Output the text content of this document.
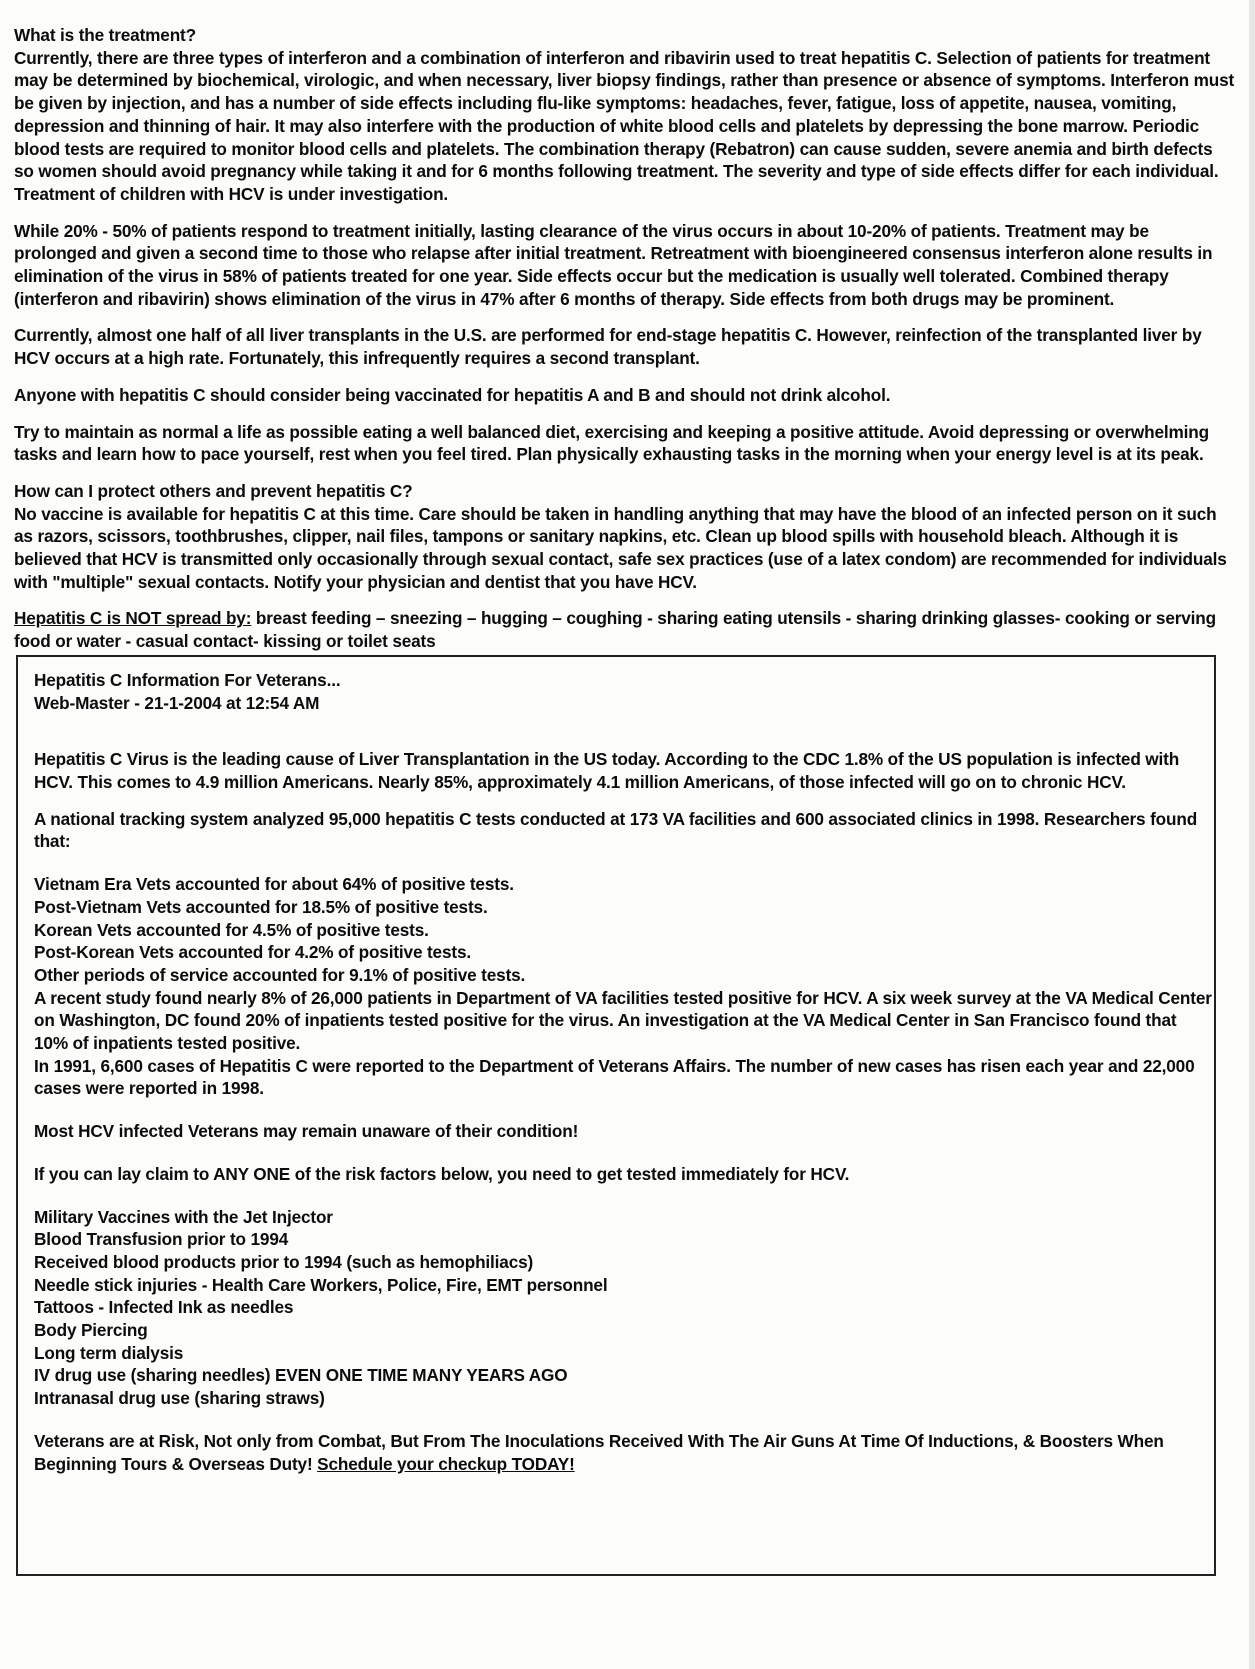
What is the treatment?

Currently, there are three types of interferon and a combination of interferon and ribavirin used to treat hepatitis C. Selection of patients for treatment may be determined by biochemical, virologic, and when necessary, liver biopsy findings, rather than presence or absence of symptoms. Interferon must be given by injection, and has a number of side effects including flu-like symptoms: headaches, fever, fatigue, loss of appetite, nausea, vomiting, depression and thinning of hair. It may also interfere with the production of white blood cells and platelets by depressing the bone marrow. Periodic blood tests are required to monitor blood cells and platelets. The combination therapy (Rebatron) can cause sudden, severe anemia and birth defects so women should avoid pregnancy while taking it and for 6 months following treatment. The severity and type of side effects differ for each individual. Treatment of children with HCV is under investigation.

While 20% - 50% of patients respond to treatment initially, lasting clearance of the virus occurs in about 10-20% of patients. Treatment may be prolonged and given a second time to those who relapse after initial treatment. Retreatment with bioengineered consensus interferon alone results in elimination of the virus in 58% of patients treated for one year. Side effects occur but the medication is usually well tolerated. Combined therapy (interferon and ribavirin) shows elimination of the virus in 47% after 6 months of therapy. Side effects from both drugs may be prominent.

Currently, almost one half of all liver transplants in the U.S. are performed for end-stage hepatitis C. However, reinfection of the transplanted liver by HCV occurs at a high rate. Fortunately, this infrequently requires a second transplant.

Anyone with hepatitis C should consider being vaccinated for hepatitis A and B and should not drink alcohol.

Try to maintain as normal a life as possible eating a well balanced diet, exercising and keeping a positive attitude. Avoid depressing or overwhelming tasks and learn how to pace yourself, rest when you feel tired. Plan physically exhausting tasks in the morning when your energy level is at its peak.

How can I protect others and prevent hepatitis C?

No vaccine is available for hepatitis C at this time. Care should be taken in handling anything that may have the blood of an infected person on it such as razors, scissors, toothbrushes, clipper, nail files, tampons or sanitary napkins, etc. Clean up blood spills with household bleach. Although it is believed that HCV is transmitted only occasionally through sexual contact, safe sex practices (use of a latex condom) are recommended for individuals with "multiple" sexual contacts. Notify your physician and dentist that you have HCV.

Hepatitis C is NOT spread by: breast feeding – sneezing – hugging – coughing - sharing eating utensils - sharing drinking glasses- cooking or serving food or water - casual contact- kissing or toilet seats

Hepatitis C Information For Veterans...

Web-Master - 21-1-2004 at 12:54 AM

Hepatitis C Virus is the leading cause of Liver Transplantation in the US today. According to the CDC 1.8% of the US population is infected with HCV. This comes to 4.9 million Americans. Nearly 85%, approximately 4.1 million Americans, of those infected will go on to chronic HCV.

A national tracking system analyzed 95,000 hepatitis C tests conducted at 173 VA facilities and 600 associated clinics in 1998. Researchers found that:

Vietnam Era Vets accounted for about 64% of positive tests.

Post-Vietnam Vets accounted for 18.5% of positive tests.

Korean Vets accounted for 4.5% of positive tests.

Post-Korean Vets accounted for 4.2% of positive tests.

Other periods of service accounted for 9.1% of positive tests.

A recent study found nearly 8% of 26,000 patients in Department of VA facilities tested positive for HCV. A six week survey at the VA Medical Center on Washington, DC found 20% of inpatients tested positive for the virus. An investigation at the VA Medical Center in San Francisco found that 10% of inpatients tested positive.

In 1991, 6,600 cases of Hepatitis C were reported to the Department of Veterans Affairs. The number of new cases has risen each year and 22,000 cases were reported in 1998.

Most HCV infected Veterans may remain unaware of their condition!

If you can lay claim to ANY ONE of the risk factors below, you need to get tested immediately for HCV.

Military Vaccines with the Jet Injector

Blood Transfusion prior to 1994

Received blood products prior to 1994 (such as hemophiliacs)

Needle stick injuries - Health Care Workers, Police, Fire, EMT personnel

Tattoos - Infected Ink as needles

Body Piercing

Long term dialysis

IV drug use (sharing needles) EVEN ONE TIME MANY YEARS AGO

Intranasal drug use (sharing straws)

Veterans are at Risk, Not only from Combat, But From The Inoculations Received With The Air Guns At Time Of Inductions, & Boosters When Beginning Tours & Overseas Duty! Schedule your checkup TODAY!
